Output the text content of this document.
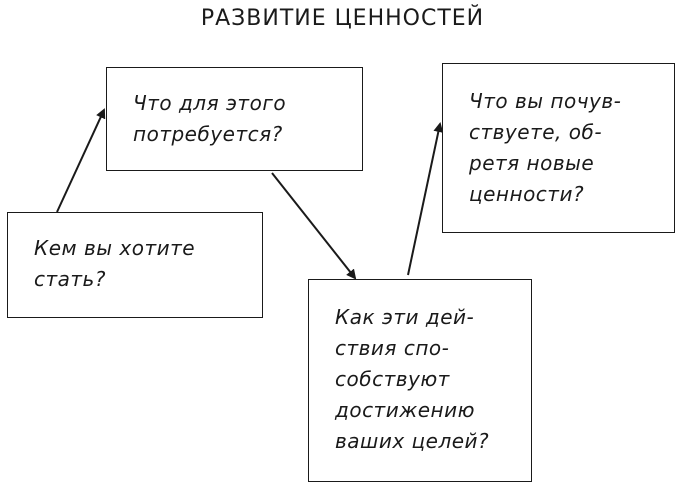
РАЗВИТИЕ ЦЕННОСТЕЙ
Что для этого
потребуется?
Что вы почув-
ствуете, об-
ретя новые
ценности?
Кем вы хотите
стать?
Как эти дей-
ствия спо-
собствуют
достижению
ваших целей?
